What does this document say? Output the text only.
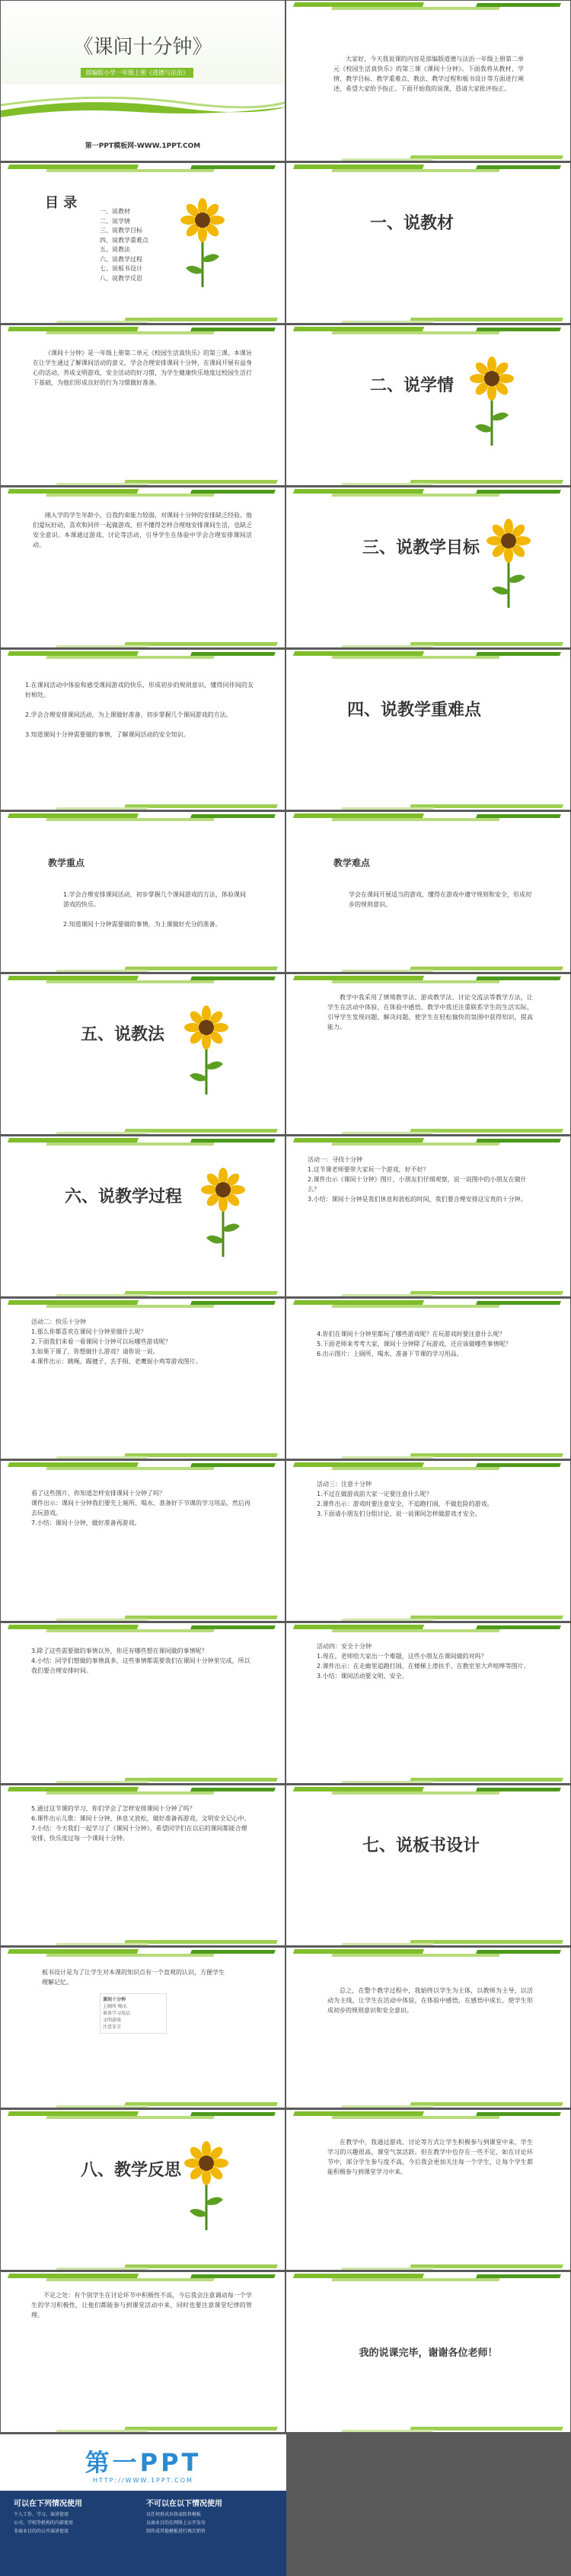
《课间十分钟》
部编版小学一年级上册《道德与法治》
第一PPT模板网-WWW.1PPT.COM
大家好，今天我说课的内容是部编版道德与法治一年级上册第二单元《校园生活真快乐》的第三课《课间十分钟》。下面我将从教材、学情、教学目标、教学重难点、教法、教学过程和板书设计等方面进行阐述，希望大家给予指正。下面开始我的说课，恳请大家批评指正。
目 录
一、说教材
二、说学情
三、说教学目标
四、说教学重难点
五、说教法
六、说教学过程
七、说板书设计
八、说教学反思
一、说教材
《课间十分钟》是一年级上册第二单元《校园生活真快乐》的第三课。本课旨在让学生通过了解课间活动的意义，学会合理安排课间十分钟，在课间开展有益身心的活动，养成文明游戏、安全活动的好习惯，为学生健康快乐地度过校园生活打下基础，为他们形成良好的行为习惯做好准备。	二、说学情
刚入学的学生年龄小，自我约束能力较弱，对课间十分钟的安排缺乏经验。他们爱玩好动，喜欢和同伴一起做游戏，但不懂得怎样合理地安排课间生活，也缺乏安全意识。本课通过游戏、讨论等活动，引导学生在体验中学会合理安排课间活动。	三、说教学目标
1.在课间活动中体验和感受课间游戏的快乐，形成初步的规则意识，懂得同伴间的友好相处。

2.学会合理安排课间活动，为上课做好准备，初步掌握几个课间游戏的方法。

3.知道课间十分钟需要做的事情，了解课间活动的安全知识。
四、说教学重难点
教学重点
1.学会合理安排课间活动，初步掌握几个课间游戏的方法，体验课间游戏的快乐。

2.知道课间十分钟需要做的事情，为上课做好充分的准备。
教学难点
学会在课间开展适当的游戏，懂得在游戏中遵守规则和安全，形成初步的规则意识。
五、说教法
教学中我采用了情境教学法、游戏教学法、讨论交流法等教学方法，让学生在活动中体验、在体验中感悟。教学中我还注重联系学生的生活实际，引导学生发现问题、解决问题，使学生在轻松愉快的氛围中获得知识，提高能力。
六、说教学过程
活动一：寻找十分钟
1.这节课老师要带大家玩一个游戏，好不好？
2.课件出示《课间十分钟》图片，小朋友们仔细观察，说一说图中的小朋友在做什么？
3.小结：课间十分钟是我们休息和放松的时间，我们要合理安排这宝贵的十分钟。
活动二：快乐十分钟
1.那么你都喜欢在课间十分钟里做什么呢？
2.下面我们来看一看课间十分钟可以玩哪些游戏呢？
3.如果下课了，你想做什么游戏？请你说一说。
4.课件出示：跳绳、踢毽子、丢手绢、老鹰捉小鸡等游戏图片。
4.你们在课间十分钟里都玩了哪些游戏呢？在玩游戏时要注意什么呢？
5.下面老师来考考大家，课间十分钟除了玩游戏，还应该做哪些事情呢？
6.出示图片：上厕所、喝水、准备下节课的学习用品。
看了这些图片，你知道怎样安排课间十分钟了吗？
课件出示：课间十分钟我们要先上厕所、喝水、准备好下节课的学习用品，然后再去玩游戏。
7.小结：课间十分钟，做好准备再游戏。
活动三：注意十分钟
1.不过在做游戏前大家一定要注意什么呢？
2.课件出示：游戏时要注意安全，不追跑打闹，不做危险的游戏。
3.下面请小朋友们分组讨论，说一说课间怎样做游戏才安全。
3.除了这些需要做的事情以外，你还有哪些想在课间做的事情呢？
4.小结：同学们想做的事情真多，这些事情都需要我们在课间十分钟里完成，所以我们要合理安排时间。
活动四：安全十分钟
1.现在，老师给大家出一个难题，这些小朋友在课间做的对吗？
2.课件出示：在走廊里追跑打闹、在楼梯上滑扶手、在教室里大声喧哗等图片。
3.小结：课间活动要文明、安全。
5.通过这节课的学习，你们学会了怎样安排课间十分钟了吗？
6.课件出示儿歌：课间十分钟，休息又放松，做好准备再游戏，文明安全记心中。
7.小结：今天我们一起学习了《课间十分钟》，希望同学们在以后的课间都能合理安排，快乐度过每一个课间十分钟。	七、说板书设计
板书设计是为了让学生对本课的知识点有一个直观的认识，方便学生理解记忆。
课间十分钟
上厕所 喝水
准备学习用品
文明游戏
注意安全
总之，在整个教学过程中，我始终以学生为主体，以教师为主导，以活动为主线，让学生在活动中体验，在体验中感悟，在感悟中成长，使学生形成初步的规则意识和安全意识。
八、教学反思
在教学中，我通过游戏、讨论等方式让学生积极参与到课堂中来，学生学习的兴趣很高，课堂气氛活跃。但在教学中也存在一些不足，如在讨论环节中，部分学生参与度不高，今后我会更加关注每一个学生，让每个学生都能积极参与到课堂学习中来。
不足之处：有个别学生在讨论环节中积极性不高，今后我会注意调动每一个学生的学习积极性，让他们都能参与到课堂活动中来，同时也要注意课堂纪律的管理。
我的说课完毕，谢谢各位老师！
第一PPT
HTTP://WWW.1PPT.COM
可以在下列情况使用
个人工作、学习、演讲使用
公司、学校等机构的内部使用
非商业目的的公开演讲使用
不可以在以下情况使用
以任何形式出售或转售模板
以商业目的在网络上公开发布
制作成其他模板进行再次销售
